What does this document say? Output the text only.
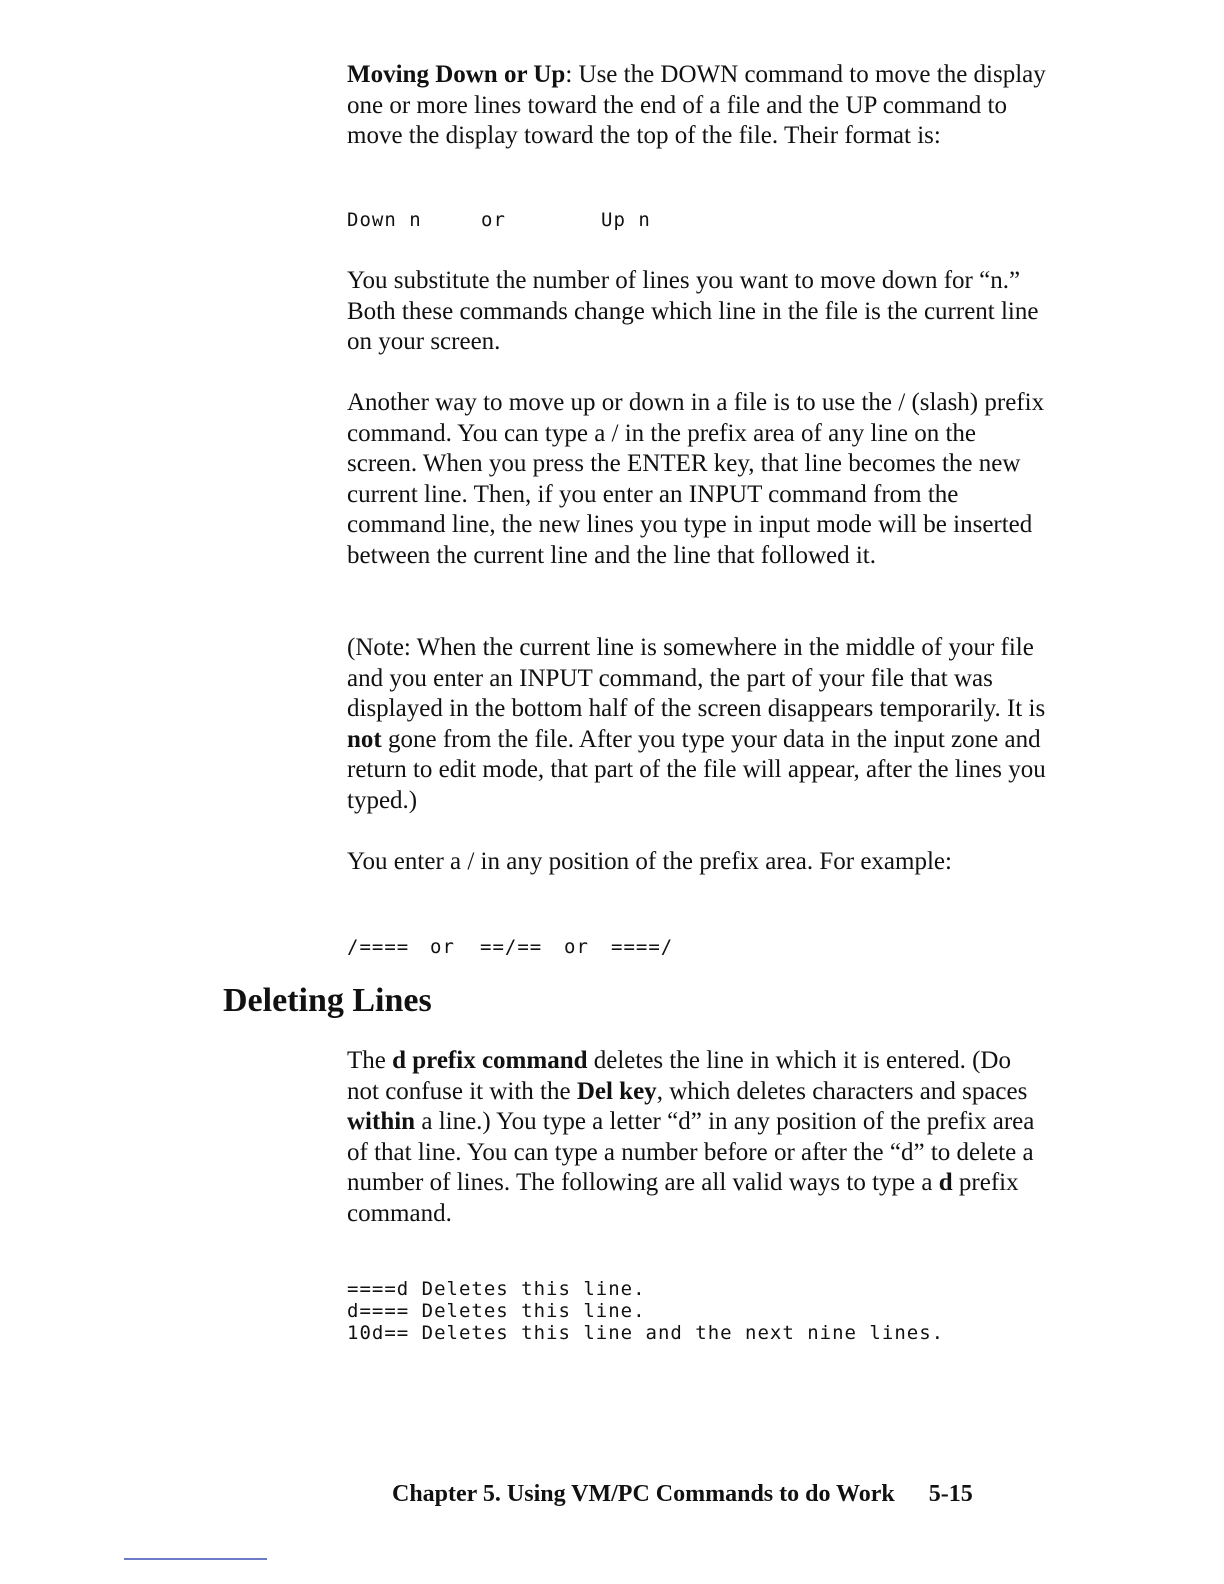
Moving Down or Up: Use the DOWN command to move the display one or more lines toward the end of a file and the UP command to move the display toward the top of the file. Their format is:

Down n	or	Up n

You substitute the number of lines you want to move down for “n.” Both these commands change which line in the file is the current line on your screen.

Another way to move up or down in a file is to use the / (slash) prefix command. You can type a / in the prefix area of any line on the screen. When you press the ENTER key, that line becomes the new current line. Then, if you enter an INPUT command from the command line, the new lines you type in input mode will be inserted between the current line and the line that followed it.

(Note: When the current line is somewhere in the middle of your file and you enter an INPUT command, the part of your file that was displayed in the bottom half of the screen disappears temporarily. It is not gone from the file. After you type your data in the input zone and return to edit mode, that part of the file will appear, after the lines you typed.)

You enter a / in any position of the prefix area. For example:

/==== or ==/== or ====/
Deleting Lines

The d prefix command deletes the line in which it is entered. (Do not confuse it with the Del key, which deletes characters and spaces within a line.) You type a letter “d” in any position of the prefix area of that line. You can type a number before or after the “d” to delete a number of lines. The following are all valid ways to type a d prefix command.

====d Deletes this line.
d==== Deletes this line.
10d== Deletes this line and the next nine lines.

Chapter 5. Using VM/PC Commands to do Work 5-15
